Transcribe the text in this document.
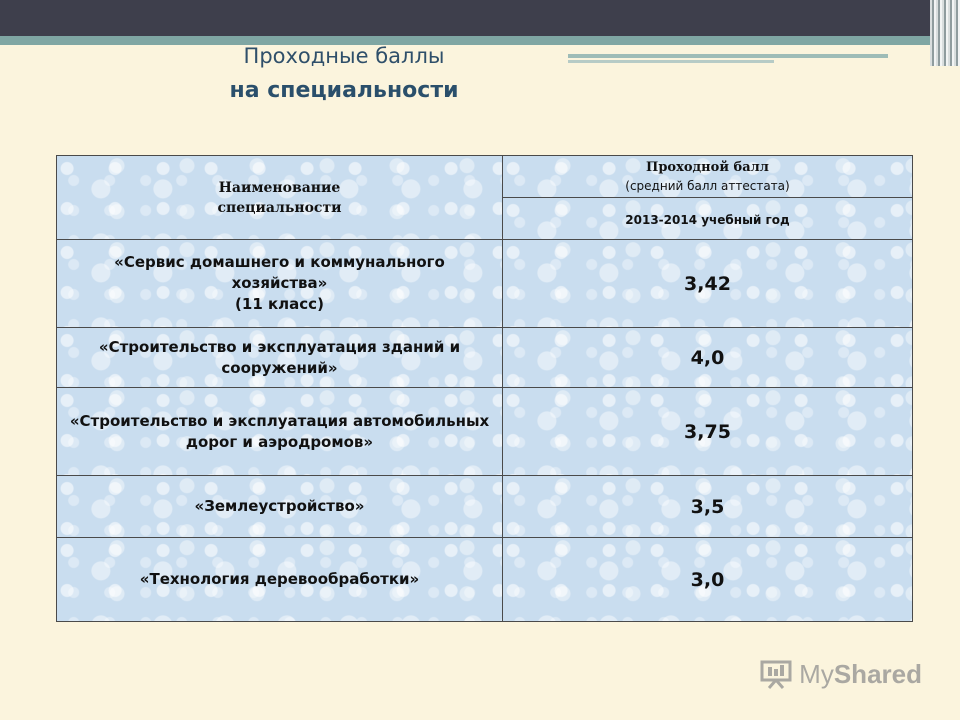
Проходные баллы
на специальности
Наименование специальности	Проходной балл
(средний балл аттестата)

	2013-2014 учебный год

«Сервис домашнего и коммунального хозяйства»
(11 класс)	3,42

«Строительство и эксплуатация зданий и сооружений»	4,0

«Строительство и эксплуатация автомобильных дорог и аэродромов»	3,75

«Землеустройство»	3,5

«Технология деревообработки»	3,0
MyShared
